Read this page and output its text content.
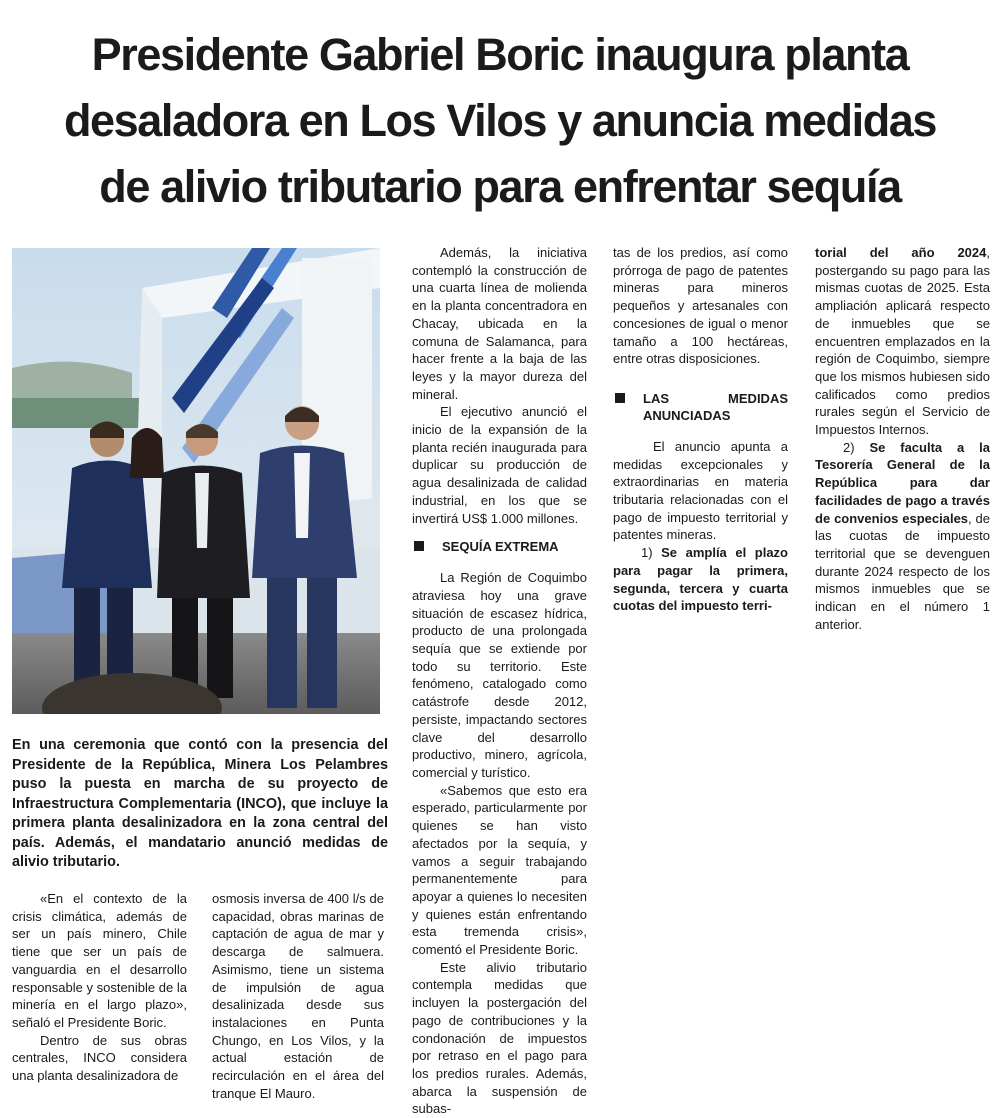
Presidente Gabriel Boric inaugura planta
desaladora en Los Vilos y anuncia medidas
de alivio tributario para enfrentar sequía
En una ceremonia que contó con la presencia del Presidente de la República, Minera Los Pelambres puso la puesta en marcha de su proyecto de Infraestructura Complementaria (INCO), que incluye la primera planta desalinizadora en la zona central del país. Además, el mandatario anunció medidas de alivio tributario.

«En el contexto de la crisis climática, además de ser un país minero, Chile tiene que ser un país de vanguardia en el desarrollo responsable y sostenible de la minería en el largo plazo», señaló el Presidente Boric.

Dentro de sus obras centrales, INCO considera una planta desalinizadora de

osmosis inversa de 400 l/s de capacidad, obras marinas de captación de agua de mar y descarga de salmuera. Asimismo, tiene un sistema de impulsión de agua desalinizada desde sus instalaciones en Punta Chungo, en Los Vilos, y la actual estación de recirculación en el área del tranque El Mauro.

Además, la iniciativa contempló la construcción de una cuarta línea de molienda en la planta concentradora en Chacay, ubicada en la comuna de Salamanca, para hacer frente a la baja de las leyes y la mayor dureza del mineral.

El ejecutivo anunció el inicio de la expansión de la planta recién inaugurada para duplicar su producción de agua desalinizada de calidad industrial, en los que se invertirá US$ 1.000 millones.

SEQUÍA EXTREMA

La Región de Coquimbo atraviesa hoy una grave situación de escasez hídrica, producto de una prolongada sequía que se extiende por todo su territorio. Este fenómeno, catalogado como catástrofe desde 2012, persiste, impactando sectores clave del desarrollo productivo, minero, agrícola, comercial y turístico.

«Sabemos que esto era esperado, particularmente por quienes se han visto afectados por la sequía, y vamos a seguir trabajando permanentemente para apoyar a quienes lo necesiten y quienes están enfrentando esta tremenda crisis», comentó el Presidente Boric.

Este alivio tributario contempla medidas que incluyen la postergación del pago de contribuciones y la condonación de impuestos por retraso en el pago para los predios rurales. Además, abarca la suspensión de subas-

tas de los predios, así como prórroga de pago de patentes mineras para mineros pequeños y artesanales con concesiones de igual o menor tamaño a 100 hectáreas, entre otras disposiciones.

LAS MEDIDAS ANUNCIADAS

El anuncio apunta a medidas excepcionales y extraordinarias en materia tributaria relacionadas con el pago de impuesto territorial y patentes mineras.

1) Se amplía el plazo para pagar la primera, segunda, tercera y cuarta cuotas del impuesto terri-

torial del año 2024, postergando su pago para las mismas cuotas de 2025. Esta ampliación aplicará respecto de inmuebles que se encuentren emplazados en la región de Coquimbo, siempre que los mismos hubiesen sido calificados como predios rurales según el Servicio de Impuestos Internos.

2) Se faculta a la Tesorería General de la República para dar facilidades de pago a través de convenios especiales, de las cuotas de impuesto territorial que se devenguen durante 2024 respecto de los mismos inmuebles que se indican en el número 1 anterior.
